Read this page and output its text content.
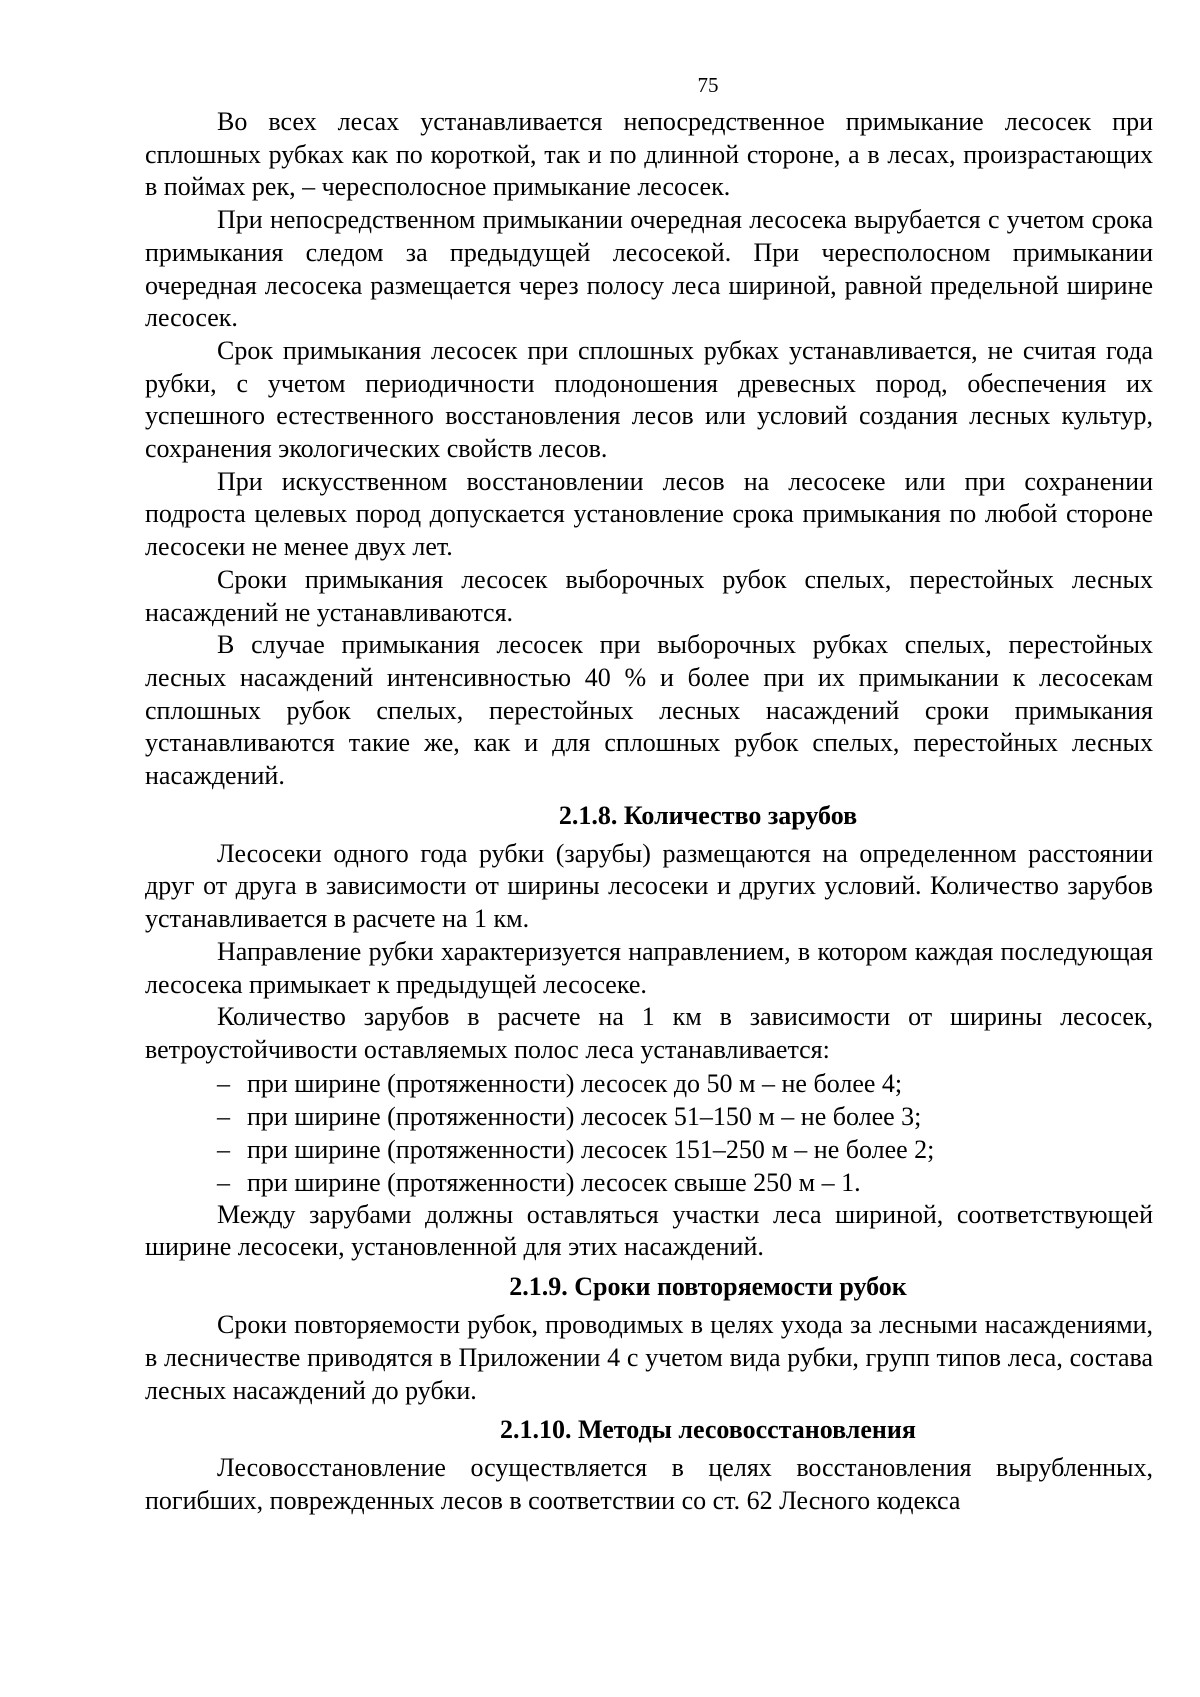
75

Во всех лесах устанавливается непосредственное примыкание лесосек при сплошных рубках как по короткой, так и по длинной стороне, а в лесах, произрастающих в поймах рек, – чересполосное примыкание лесосек.

При непосредственном примыкании очередная лесосека вырубается с учетом срока примыкания следом за предыдущей лесосекой. При чересполосном примыкании очередная лесосека размещается через полосу леса шириной, равной предельной ширине лесосек.

Срок примыкания лесосек при сплошных рубках устанавливается, не считая года рубки, с учетом периодичности плодоношения древесных пород, обеспечения их успешного естественного восстановления лесов или условий создания лесных культур, сохранения экологических свойств лесов.

При искусственном восстановлении лесов на лесосеке или при сохранении подроста целевых пород допускается установление срока примыкания по любой стороне лесосеки не менее двух лет.

Сроки примыкания лесосек выборочных рубок спелых, перестойных лесных насаждений не устанавливаются.

В случае примыкания лесосек при выборочных рубках спелых, перестойных лесных насаждений интенсивностью 40 % и более при их примыкании к лесосекам сплошных рубок спелых, перестойных лесных насаждений сроки примыкания устанавливаются такие же, как и для сплошных рубок спелых, перестойных лесных насаждений.

2.1.8. Количество зарубов

Лесосеки одного года рубки (зарубы) размещаются на определенном расстоянии друг от друга в зависимости от ширины лесосеки и других условий. Количество зарубов устанавливается в расчете на 1 км.

Направление рубки характеризуется направлением, в котором каждая последующая лесосека примыкает к предыдущей лесосеке.

Количество зарубов в расчете на 1 км в зависимости от ширины лесосек, ветроустойчивости оставляемых полос леса устанавливается:

– при ширине (протяженности) лесосек до 50 м – не более 4;
– при ширине (протяженности) лесосек 51–150 м – не более 3;
– при ширине (протяженности) лесосек 151–250 м – не более 2;
– при ширине (протяженности) лесосек свыше 250 м – 1.

Между зарубами должны оставляться участки леса шириной, соответствующей ширине лесосеки, установленной для этих насаждений.

2.1.9. Сроки повторяемости рубок

Сроки повторяемости рубок, проводимых в целях ухода за лесными насаждениями, в лесничестве приводятся в Приложении 4 с учетом вида рубки, групп типов леса, состава лесных насаждений до рубки.

2.1.10. Методы лесовосстановления

Лесовосстановление осуществляется в целях восстановления вырубленных, погибших, поврежденных лесов в соответствии со ст. 62 Лесного кодекса
